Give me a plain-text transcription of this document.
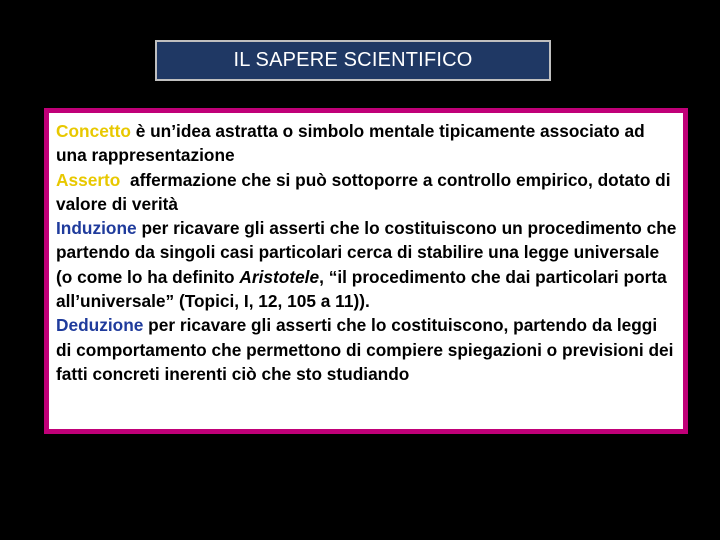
IL SAPERE SCIENTIFICO

Concetto è un’idea astratta o simbolo mentale tipicamente associato ad una rappresentazione

Asserto  affermazione che si può sottoporre a controllo empirico, dotato di valore di verità

Induzione per ricavare gli asserti che lo costituiscono un procedimento che partendo da singoli casi particolari cerca di stabilire una legge universale (o come lo ha definito Aristotele, “il procedimento che dai particolari porta all’universale” (Topici, I, 12, 105 a 11)).

Deduzione per ricavare gli asserti che lo costituiscono, partendo da leggi di comportamento che permettono di compiere spiegazioni o previsioni dei fatti concreti inerenti ciò che sto studiando
